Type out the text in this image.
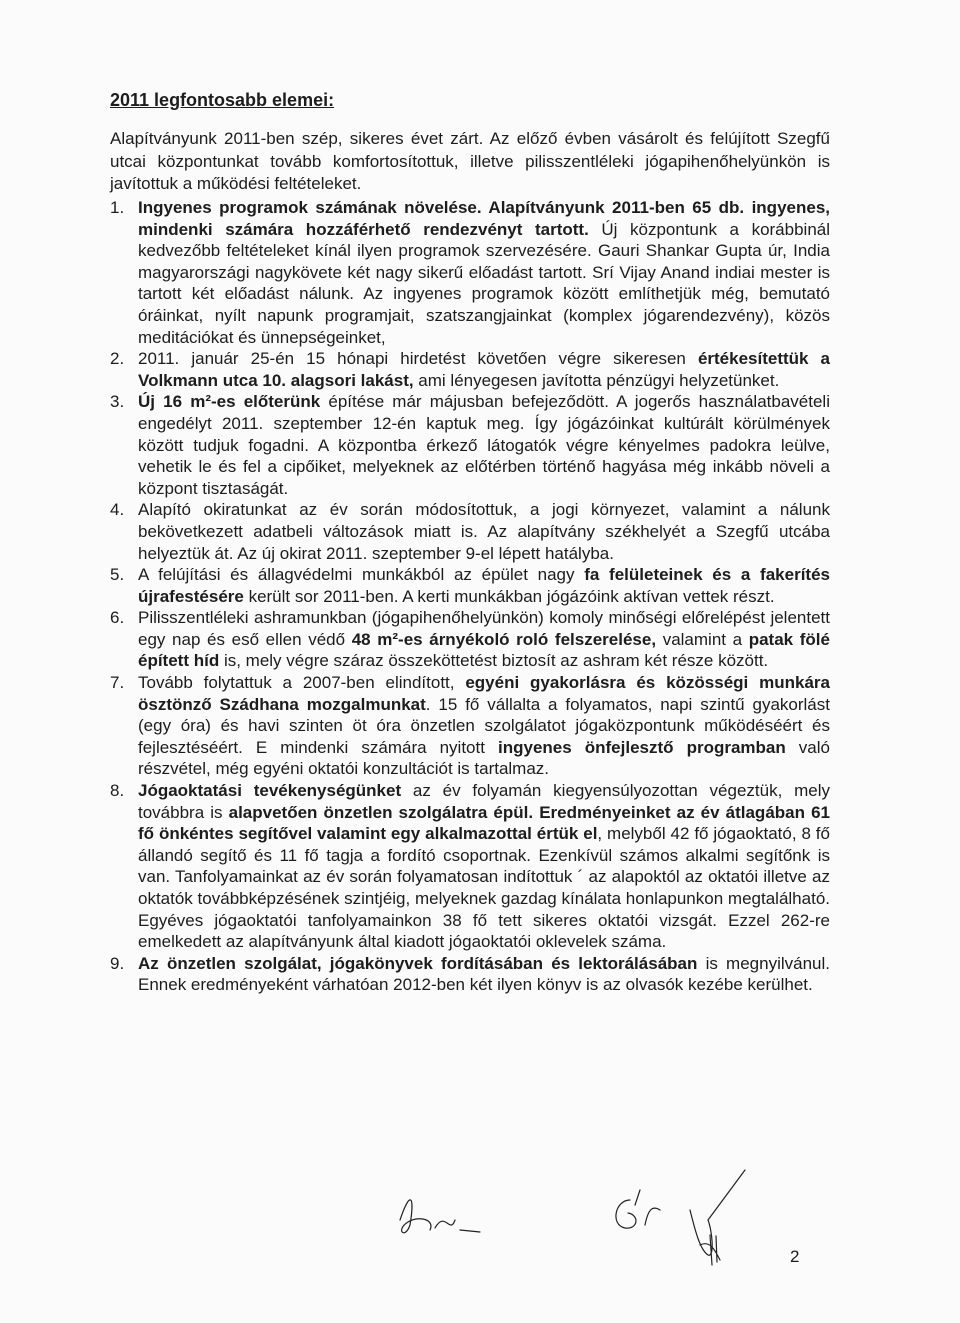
2011 legfontosabb elemei:

Alapítványunk 2011-ben szép, sikeres évet zárt. Az előző évben vásárolt és felújított Szegfű utcai központunkat tovább komfortosítottuk, illetve pilisszentléleki jógapihenőhelyünkön is javítottuk a működési feltételeket.

1. Ingyenes programok számának növelése. Alapítványunk 2011-ben 65 db. ingyenes, mindenki számára hozzáférhető rendezvényt tartott. Új központunk a korábbinál kedvezőbb feltételeket kínál ilyen programok szervezésére. Gauri Shankar Gupta úr, India magyarországi nagykövete két nagy sikerű előadást tartott. Srí Vijay Anand indiai mester is tartott két előadást nálunk. Az ingyenes programok között említhetjük még, bemutató óráinkat, nyílt napunk programjait, szatszangjainkat (komplex jógarendezvény), közös meditációkat és ünnepségeinket,
2. 2011. január 25-én 15 hónapi hirdetést követően végre sikeresen értékesítettük a Volkmann utca 10. alagsori lakást, ami lényegesen javította pénzügyi helyzetünket.
3. Új 16 m²-es előterünk építése már májusban befejeződött. A jogerős használatbavételi engedélyt 2011. szeptember 12-én kaptuk meg. Így jógázóinkat kultúrált körülmények között tudjuk fogadni. A központba érkező látogatók végre kényelmes padokra leülve, vehetik le és fel a cipőiket, melyeknek az előtérben történő hagyása még inkább növeli a központ tisztaságát.
4. Alapító okiratunkat az év során módosítottuk, a jogi környezet, valamint a nálunk bekövetkezett adatbeli változások miatt is. Az alapítvány székhelyét a Szegfű utcába helyeztük át. Az új okirat 2011. szeptember 9-el lépett hatályba.
5. A felújítási és állagvédelmi munkákból az épület nagy fa felületeinek és a fakerítés újrafestésére került sor 2011-ben. A kerti munkákban jógázóink aktívan vettek részt.
6. Pilisszentléleki ashramunkban (jógapihenőhelyünkön) komoly minőségi előrelépést jelentett egy nap és eső ellen védő 48 m²-es árnyékoló roló felszerelése, valamint a patak fölé épített híd is, mely végre száraz összeköttetést biztosít az ashram két része között.
7. Tovább folytattuk a 2007-ben elindított, egyéni gyakorlásra és közösségi munkára ösztönző Szádhana mozgalmunkat. 15 fő vállalta a folyamatos, napi szintű gyakorlást (egy óra) és havi szinten öt óra önzetlen szolgálatot jógaközpontunk működéséért és fejlesztéséért. E mindenki számára nyitott ingyenes önfejlesztő programban való részvétel, még egyéni oktatói konzultációt is tartalmaz.
8. Jógaoktatási tevékenységünket az év folyamán kiegyensúlyozottan végeztük, mely továbbra is alapvetően önzetlen szolgálatra épül. Eredményeinket az év átlagában 61 fő önkéntes segítővel valamint egy alkalmazottal értük el, melyből 42 fő jógaoktató, 8 fő állandó segítő és 11 fő tagja a fordító csoportnak. Ezenkívül számos alkalmi segítőnk is van. Tanfolyamainkat az év során folyamatosan indítottuk ´ az alapoktól az oktatói illetve az oktatók továbbképzésének szintjéig, melyeknek gazdag kínálata honlapunkon megtalálható. Egyéves jógaoktatói tanfolyamainkon 38 fő tett sikeres oktatói vizsgát. Ezzel 262-re emelkedett az alapítványunk által kiadott jógaoktatói oklevelek száma.
9. Az önzetlen szolgálat, jógakönyvek fordításában és lektorálásában is megnyilvánul. Ennek eredményeként várhatóan 2012-ben két ilyen könyv is az olvasók kezébe kerülhet.
2
